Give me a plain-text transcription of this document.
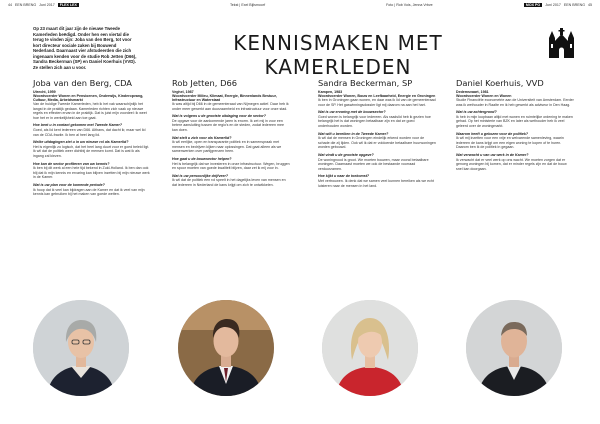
44 EEN BRENG Juni 2017	FLEX LEX	Tekst | Exel Bijlsmoorf	Foto | Rob Vois, Jenna Vrbve	MOX PO	Juni 2017 EEN BRENG 45

Op 23 maart dit jaar zijn de nieuwe Tweede Kamerleden beëdigd. Onder hen een viertal die terug te vinden zijn: Joba van den Berg, tot voor kort directeur sociale zaken bij Bouwend Nederland. Daarnaast vier afstudeerden die zich ingenaam kenden voor de studie Rob Jetten (D66), Sandra Beckerman (SP) en Daniel Koerhuis (VVD). Ze stellen zich aan u voor.

KENNISMAKEN MET KAMERLEDEN
Joba van den Berg, CDA
Utrecht, 1959
Woordvoerder Wonen en Pensioenen, Onderwijs, Kinderopvang, Cultuur, Media, Arbeidsmarkt
Van de huidige Tweede Kamerleden, heb ik het vak waarschijnlijk het langst in de praktijk gedaan. Kamerleden richten zich vaak op nieuwe regels en effecten ervan in de praktijk. Dat is juist mijn voordeel: ik weet hoe het er in werkelijkheid aan toe gaat.
Hoe bent u in contact gekomen met Tweede Kamer?
Goed, als lid kent iedereen van D66. Althans, dat dacht ik; maar wel lid van de CDA-fractie. Ik ben al heel lang lid.
Welke uitdagingen ziet u in uw nieuwe rol als Kamerlid?
Het is eigenlijk zo logisch, dat het heel lang duurt voor er goed beleid ligt. Ik wil dat de politiek weer dichtbij de mensen komt. Dat is wat ik als ingang zal kiezen.
Hoe kan de sector profiteren van uw kennis?
Ik ben bij dit werk al een hele tijd bekend in Zuid-Holland. Ik ben dan ook blij dat ik mijn kennis en ervaring kan blijven inzetten bij mijn nieuwe werk in de Kamer.
Wat is uw plan voor de komende periode?
Ik hoop dat ik veel kan bijdragen aan de Kamer en dat ik veel van mijn kennis kan gebruiken bij het maken van goede wetten.
Rob Jetten, D66
Veghel, 1987
Woordvoerder Milieu, Klimaat, Energie, Binnenlands Bestuur, Infrastructuur en Waterstaat
Ik was altijd bij D66 in de gemeenteraad van Nijmegen actief. Daar heb ik onder meer gewerkt aan duurzaamheid en infrastructuur voor onze stad.
Wat is volgens u de grootste uitdaging voor de sector?
De opgave voor de aankomende jaren is enorm. Ik zet mij in voor een betere aansluiting tussen de regio's en de steden, zodat iedereen mee kan doen.
Wat stelt u zich voor als Kamerlid?
Ik wil eerlijke, open en transparante politiek en in samenspraak met mensen en bedrijven kijken naar oplossingen. Dat gaat alleen als we samenwerken over partijgrenzen heen.
Hoe gaat u de bouwsector helpen?
Het is belangrijk dat we investeren in onze infrastructuur. Wegen, bruggen en spoor moeten van goede kwaliteit blijven, daar zet ik mij voor in.
Wat is uw persoonlijke drijfveer?
Ik wil dat de politiek een rol speelt in het dagelijks leven van mensen en dat iedereen in Nederland de kans krijgt om zich te ontwikkelen.
Sandra Beckerman, SP
Kampen, 1983
Woordvoerder Wonen, Bouw en Leefbaarheid, Energie en Groningen
Ik ben in Groningen gaan wonen, en daar was ik lid van de gemeenteraad voor de SP. Het gaswinningsdossier ligt mij daarom na aan het hart.
Wat is uw ervaring met de bouwsector?
Goed wonen is belangrijk voor iedereen. Als raadslid heb ik gezien hoe belangrijk het is dat woningen betaalbaar zijn en dat ze goed onderhouden worden.
Wat wilt u bereiken in de Tweede Kamer?
Ik wil dat de mensen in Groningen eindelijk erkend worden voor de schade die zij lijden. Ook wil ik dat er voldoende betaalbare huurwoningen worden gebouwd.
Wat vindt u de grootste opgave?
De woningnood is groot. We moeten bouwen, maar vooral betaalbare woningen. Daarnaast moeten we ook de bestaande voorraad verduurzamen.
Hoe kijkt u naar de toekomst?
Met vertrouwen. Ik denk dat we samen veel kunnen bereiken als we echt luisteren naar de mensen in het land.
Daniel Koerhuis, VVD
Dedemsvaart, 1981
Woordvoerder Wonen en Wonen
Studie Financiële econometrie aan de Universiteit van Amsterdam. Eerder was ik wethouder in Raalte en ik heb gewerkt als adviseur in Den Haag.
Wat is uw achtergrond?
Ik heb in mijn loopbaan altijd met wonen en ruimtelijke ordening te maken gehad. Op het ministerie van BZK en later als wethouder heb ik veel geleerd over de woningmarkt.
Waarom heeft u gekozen voor de politiek?
Ik wil mij inzetten voor een vrije en welvarende samenleving, waarin iedereen de kans krijgt om een eigen woning te kopen of te huren. Daarom ben ik de politiek in gegaan.
Wat verwacht u van uw werk in de Kamer?
Ik verwacht dat er veel werk op ons wacht. We moeten zorgen dat er genoeg woningen bij komen, dat er minder regels zijn en dat de bouw snel kan doorgaan.
